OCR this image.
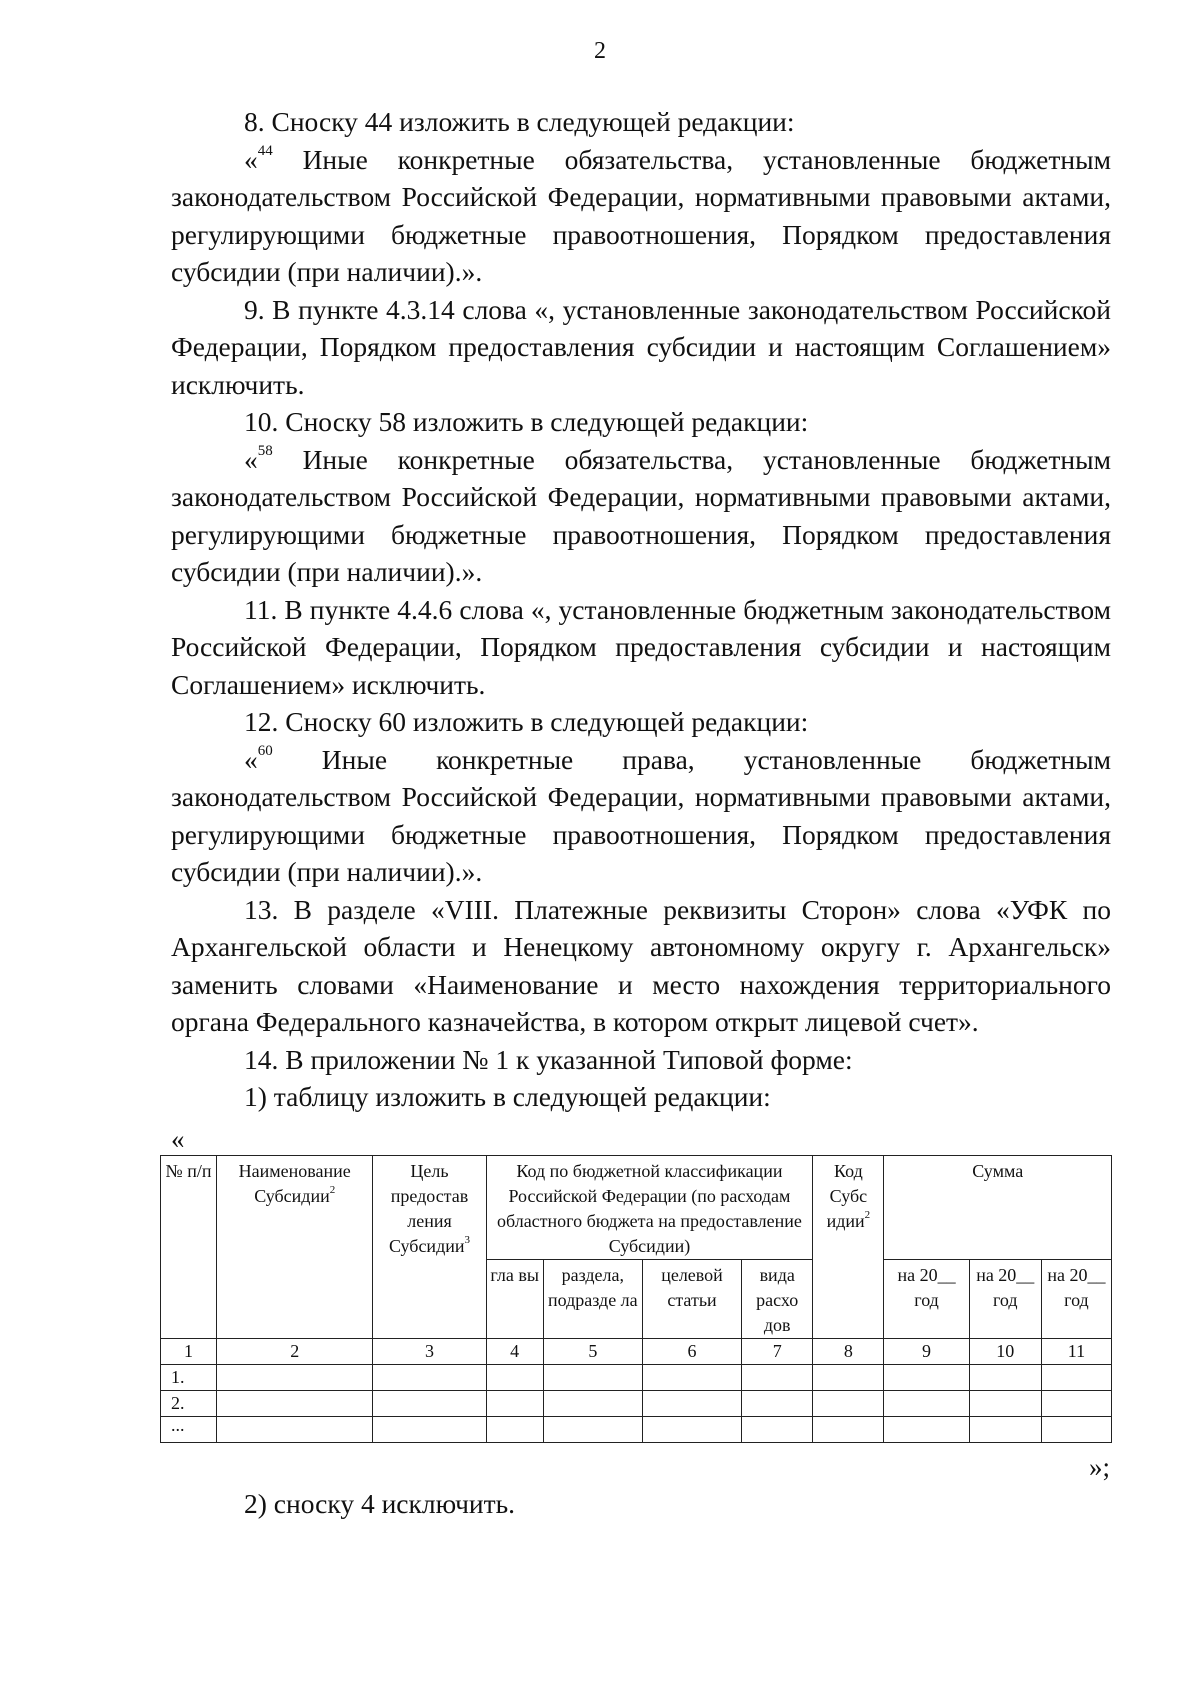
2

8. Сноску 44 изложить в следующей редакции:

«$^{44}$ Иные конкретные обязательства, установленные бюджетным законодательством Российской Федерации, нормативными правовыми актами, регулирующими бюджетные правоотношения, Порядком предоставления субсидии (при наличии).».

9. В пункте 4.3.14 слова «, установленные законодательством Российской Федерации, Порядком предоставления субсидии и настоящим Соглашением» исключить.

10. Сноску 58 изложить в следующей редакции:

«$^{58}$ Иные конкретные обязательства, установленные бюджетным законодательством Российской Федерации, нормативными правовыми актами, регулирующими бюджетные правоотношения, Порядком предоставления субсидии (при наличии).».

11. В пункте 4.4.6 слова «, установленные бюджетным законодательством Российской Федерации, Порядком предоставления субсидии и настоящим Соглашением» исключить.

12. Сноску 60 изложить в следующей редакции:

«$^{60}$ Иные конкретные права, установленные бюджетным законодательством Российской Федерации, нормативными правовыми актами, регулирующими бюджетные правоотношения, Порядком предоставления субсидии (при наличии).».

13. В разделе «VIII. Платежные реквизиты Сторон» слова «УФК по Архангельской области и Ненецкому автономному округу г. Архангельск» заменить словами «Наименование и место нахождения территориального органа Федерального казначейства, в котором открыт лицевой счет».

14. В приложении № 1 к указанной Типовой форме:

1) таблицу изложить в следующей редакции:

«
№ п/п	Наименование Субсидии$^2$	Цель предостав ления Субсидии$^3$	Код по бюджетной классификации Российской Федерации (по расходам областного бюджета на предоставление Субсидии)				Код Субс идии$^2$	Сумма		
			гла вы	раздела, подразде ла	целевой статьи	вида расхо дов		на 20__ год	на 20__ год	на 20__ год
1	2	3	4	5	6	7	8	9	10	11
1.										
2.										
...										
»;
2) сноску 4 исключить.
